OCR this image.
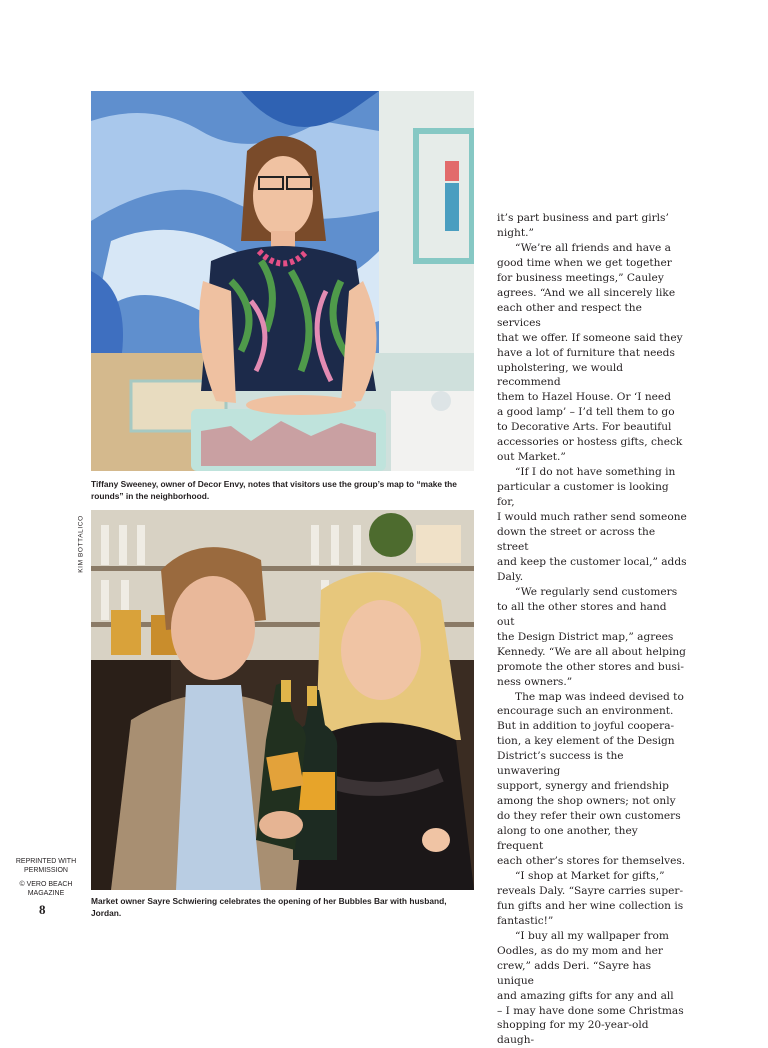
Tiffany Sweeney, owner of Decor Envy, notes that visitors use the group’s map to “make the rounds” in the neighborhood.
KIM BOTTALICO
Market owner Sayre Schwiering celebrates the opening of her Bubbles Bar with husband, Jordan.
REPRINTED WITH
PERMISSION
© VERO BEACH
MAGAZINE
8

it’s part business and part girls’

night.”

“We’re all friends and have a

good time when we get together

for business meetings,” Cauley

agrees. “And we all sincerely like

each other and respect the services

that we offer. If someone said they

have a lot of furniture that needs

upholstering, we would recommend

them to Hazel House. Or ‘I need

a good lamp’ – I’d tell them to go

to Decorative Arts. For beautiful

accessories or hostess gifts, check

out Market.”

“If I do not have something in

particular a customer is looking for,

I would much rather send someone

down the street or across the street

and keep the customer local,” adds

Daly.

“We regularly send customers

to all the other stores and hand out

the Design District map,” agrees

Kennedy. “We are all about helping

promote the other stores and busi-

ness owners.”

The map was indeed devised to

encourage such an environment.

But in addition to joyful coopera-

tion, a key element of the Design

District’s success is the unwavering

support, synergy and friendship

among the shop owners; not only

do they refer their own customers

along to one another, they frequent

each other’s stores for themselves.

“I shop at Market for gifts,”

reveals Daly. “Sayre carries super-

fun gifts and her wine collection is

fantastic!”

“I buy all my wallpaper from

Oodles, as do my mom and her

crew,” adds Deri. “Sayre has unique

and amazing gifts for any and all

– I may have done some Christmas

shopping for my 20-year-old daugh-
